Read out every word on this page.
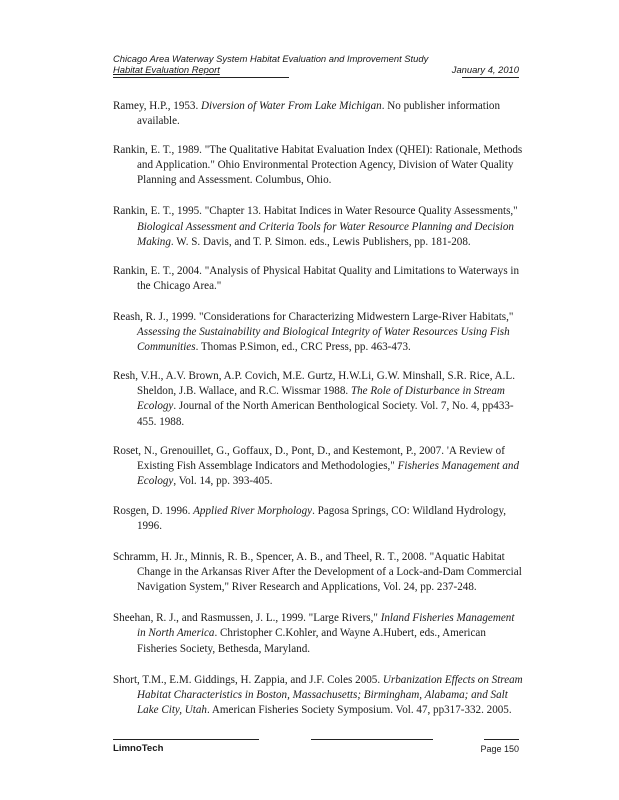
Chicago Area Waterway System Habitat Evaluation and Improvement Study
Habitat Evaluation Report	January 4, 2010

Ramey, H.P., 1953. Diversion of Water From Lake Michigan. No publisher information available.

Rankin, E. T., 1989. "The Qualitative Habitat Evaluation Index (QHEI): Rationale, Methods and Application." Ohio Environmental Protection Agency, Division of Water Quality Planning and Assessment. Columbus, Ohio.

Rankin, E. T., 1995. "Chapter 13. Habitat Indices in Water Resource Quality Assessments," Biological Assessment and Criteria Tools for Water Resource Planning and Decision Making. W. S. Davis, and T. P. Simon. eds., Lewis Publishers, pp. 181-208.

Rankin, E. T., 2004. "Analysis of Physical Habitat Quality and Limitations to Waterways in the Chicago Area."

Reash, R. J., 1999. "Considerations for Characterizing Midwestern Large-River Habitats," Assessing the Sustainability and Biological Integrity of Water Resources Using Fish Communities. Thomas P.Simon, ed., CRC Press, pp. 463-473.

Resh, V.H., A.V. Brown, A.P. Covich, M.E. Gurtz, H.W.Li, G.W. Minshall, S.R. Rice, A.L. Sheldon, J.B. Wallace, and R.C. Wissmar 1988. The Role of Disturbance in Stream Ecology. Journal of the North American Benthological Society. Vol. 7, No. 4, pp433-455. 1988.

Roset, N., Grenouillet, G., Goffaux, D., Pont, D., and Kestemont, P., 2007. 'A Review of Existing Fish Assemblage Indicators and Methodologies," Fisheries Management and Ecology, Vol. 14, pp. 393-405.

Rosgen, D. 1996. Applied River Morphology. Pagosa Springs, CO: Wildland Hydrology, 1996.

Schramm, H. Jr., Minnis, R. B., Spencer, A. B., and Theel, R. T., 2008. "Aquatic Habitat Change in the Arkansas River After the Development of a Lock-and-Dam Commercial Navigation System," River Research and Applications, Vol. 24, pp. 237-248.

Sheehan, R. J., and Rasmussen, J. L., 1999. "Large Rivers," Inland Fisheries Management in North America. Christopher C.Kohler, and Wayne A.Hubert, eds., American Fisheries Society, Bethesda, Maryland.

Short, T.M., E.M. Giddings, H. Zappia, and J.F. Coles 2005. Urbanization Effects on Stream Habitat Characteristics in Boston, Massachusetts; Birmingham, Alabama; and Salt Lake City, Utah. American Fisheries Society Symposium. Vol. 47, pp317-332. 2005.

LimnoTech	Page 150
